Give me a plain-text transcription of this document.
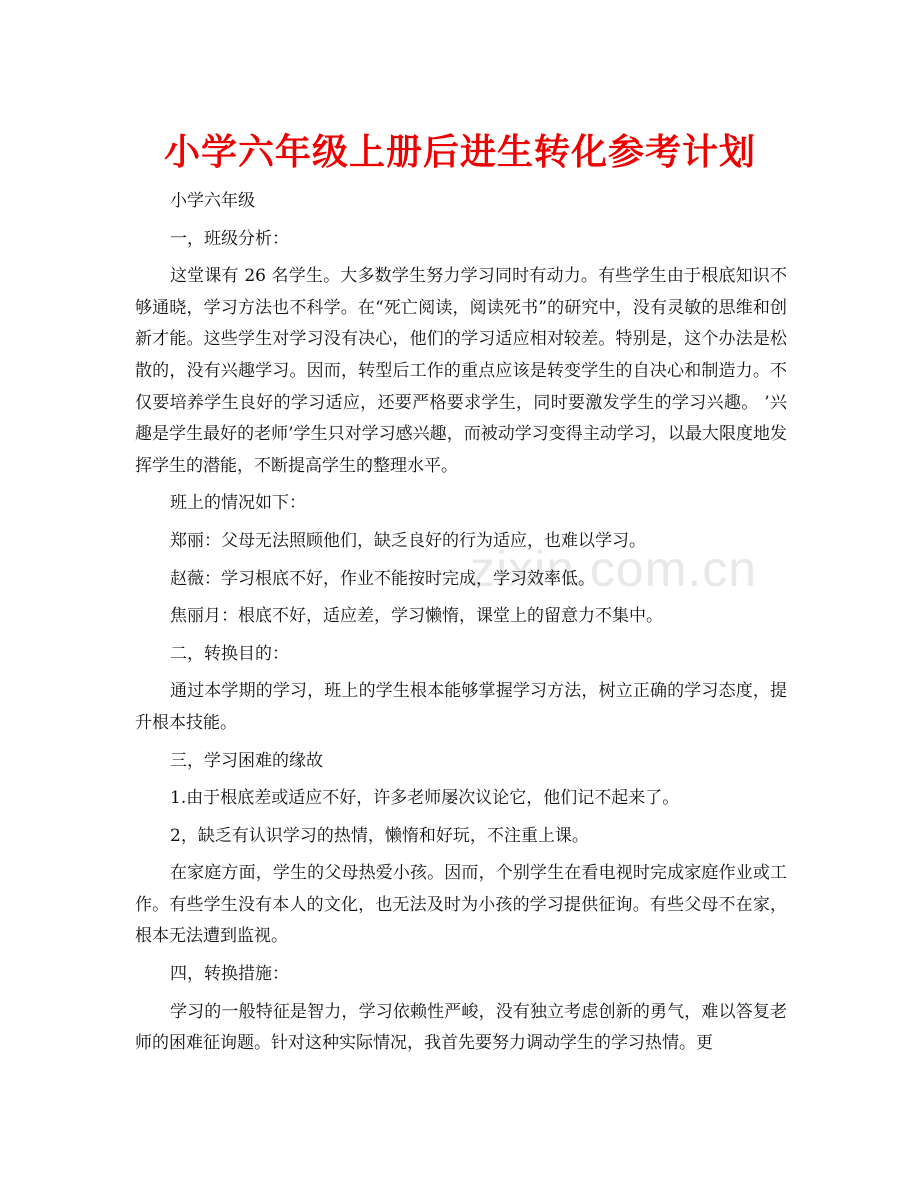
zixin.com.cn
小学六年级上册后进生转化参考计划

小学六年级

一，班级分析：

这堂课有 26 名学生。大多数学生努力学习同时有动力。有些学生由于根底知识不够通晓，学习方法也不科学。在“死亡阅读，阅读死书”的研究中，没有灵敏的思维和创新才能。这些学生对学习没有决心，他们的学习适应相对较差。特别是，这个办法是松散的，没有兴趣学习。因而，转型后工作的重点应该是转变学生的自决心和制造力。不仅要培养学生良好的学习适应，还要严格要求学生，同时要激发学生的学习兴趣。 ’兴趣是学生最好的老师’学生只对学习感兴趣，而被动学习变得主动学习，以最大限度地发挥学生的潜能，不断提高学生的整理水平。

班上的情况如下：

郑丽：父母无法照顾他们，缺乏良好的行为适应，也难以学习。

赵薇：学习根底不好，作业不能按时完成，学习效率低。

焦丽月：根底不好，适应差，学习懒惰，课堂上的留意力不集中。

二，转换目的：

通过本学期的学习，班上的学生根本能够掌握学习方法，树立正确的学习态度，提升根本技能。

三，学习困难的缘故

1.由于根底差或适应不好，许多老师屡次议论它，他们记不起来了。

2，缺乏有认识学习的热情，懒惰和好玩，不注重上课。

在家庭方面，学生的父母热爱小孩。因而，个别学生在看电视时完成家庭作业或工作。有些学生没有本人的文化，也无法及时为小孩的学习提供征询。有些父母不在家，根本无法遭到监视。

四，转换措施：

学习的一般特征是智力，学习依赖性严峻，没有独立考虑创新的勇气，难以答复老师的困难征询题。针对这种实际情况，我首先要努力调动学生的学习热情。更
